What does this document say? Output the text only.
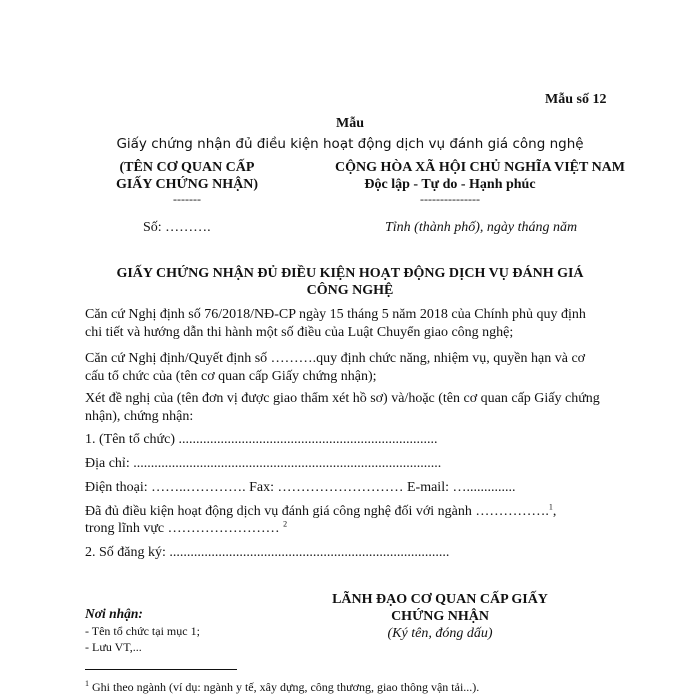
Mẫu số 12
Mẫu
Giấy chứng nhận đủ điều kiện hoạt động dịch vụ đánh giá công nghệ
(TÊN CƠ QUAN CẤP
GIẤY CHỨNG NHẬN)
-------
CỘNG HÒA XÃ HỘI CHỦ NGHĨA VIỆT NAM
Độc lập - Tự do - Hạnh phúc
---------------
Số: ……….	Tỉnh (thành phố), ngày tháng năm
GIẤY CHỨNG NHẬN ĐỦ ĐIỀU KIỆN HOẠT ĐỘNG DỊCH VỤ ĐÁNH GIÁ
CÔNG NGHỆ
Căn cứ Nghị định số 76/2018/NĐ-CP ngày 15 tháng 5 năm 2018 của Chính phủ quy định chi tiết và hướng dẫn thi hành một số điều của Luật Chuyển giao công nghệ;
Căn cứ Nghị định/Quyết định số ……….quy định chức năng, nhiệm vụ, quyền hạn và cơ cấu tổ chức của (tên cơ quan cấp Giấy chứng nhận);
Xét đề nghị của (tên đơn vị được giao thẩm xét hồ sơ) và/hoặc (tên cơ quan cấp Giấy chứng nhận), chứng nhận:
1. (Tên tổ chức) ..........................................................................
Địa chỉ: ........................................................................................
Điện thoại: ……..…………. Fax: ……………………… E-mail: …..............
Đã đủ điều kiện hoạt động dịch vụ đánh giá công nghệ đối với ngành …………….$^1$,
trong lĩnh vực …………………… $^2$
2. Số đăng ký: ................................................................................
Nơi nhận:
- Tên tổ chức tại mục 1;
- Lưu VT,...
LÃNH ĐẠO CƠ QUAN CẤP GIẤY
CHỨNG NHẬN
(Ký tên, đóng dấu)
$^1$ Ghi theo ngành (ví dụ: ngành y tế, xây dựng, công thương, giao thông vận tải...).
